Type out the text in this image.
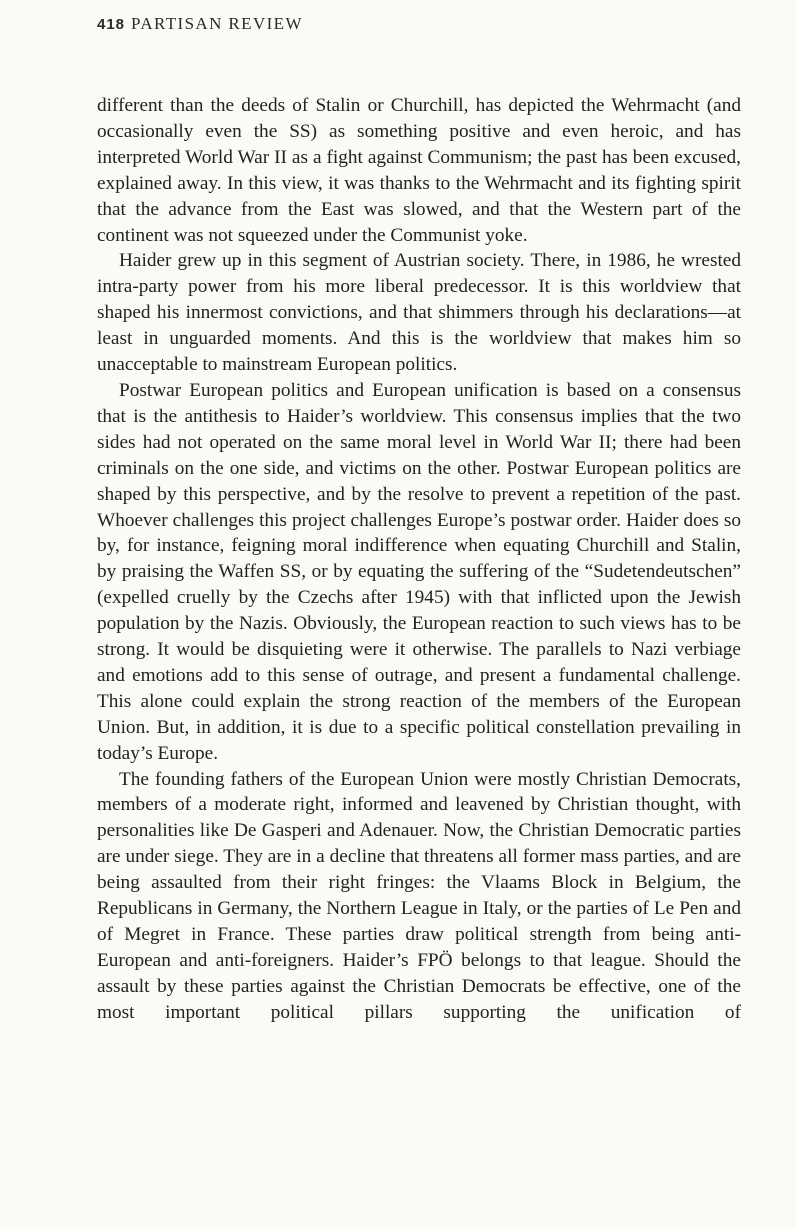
418 PARTISAN REVIEW

different than the deeds of Stalin or Churchill, has depicted the Wehrmacht (and occasionally even the SS) as something positive and even heroic, and has interpreted World War II as a fight against Communism; the past has been excused, explained away. In this view, it was thanks to the Wehrmacht and its fighting spirit that the advance from the East was slowed, and that the Western part of the continent was not squeezed under the Communist yoke.

Haider grew up in this segment of Austrian society. There, in 1986, he wrested intra-party power from his more liberal predecessor. It is this worldview that shaped his innermost convictions, and that shimmers through his declarations—at least in unguarded moments. And this is the worldview that makes him so unacceptable to mainstream European politics.

Postwar European politics and European unification is based on a consensus that is the antithesis to Haider’s worldview. This consensus implies that the two sides had not operated on the same moral level in World War II; there had been criminals on the one side, and victims on the other. Postwar European politics are shaped by this perspective, and by the resolve to prevent a repetition of the past. Whoever challenges this project challenges Europe’s postwar order. Haider does so by, for instance, feigning moral indifference when equating Churchill and Stalin, by praising the Waffen SS, or by equating the suffering of the “Sudetendeutschen” (expelled cruelly by the Czechs after 1945) with that inflicted upon the Jewish population by the Nazis. Obviously, the European reaction to such views has to be strong. It would be disquieting were it otherwise. The parallels to Nazi verbiage and emotions add to this sense of outrage, and present a fundamental challenge. This alone could explain the strong reaction of the members of the European Union. But, in addition, it is due to a specific political constellation prevailing in today’s Europe.

The founding fathers of the European Union were mostly Christian Democrats, members of a moderate right, informed and leavened by Christian thought, with personalities like De Gasperi and Adenauer. Now, the Christian Democratic parties are under siege. They are in a decline that threatens all former mass parties, and are being assaulted from their right fringes: the Vlaams Block in Belgium, the Republicans in Germany, the Northern League in Italy, or the parties of Le Pen and of Megret in France. These parties draw political strength from being anti-European and anti-foreigners. Haider’s FPÖ belongs to that league. Should the assault by these parties against the Christian Democrats be effective, one of the most important political pillars supporting the unification of
